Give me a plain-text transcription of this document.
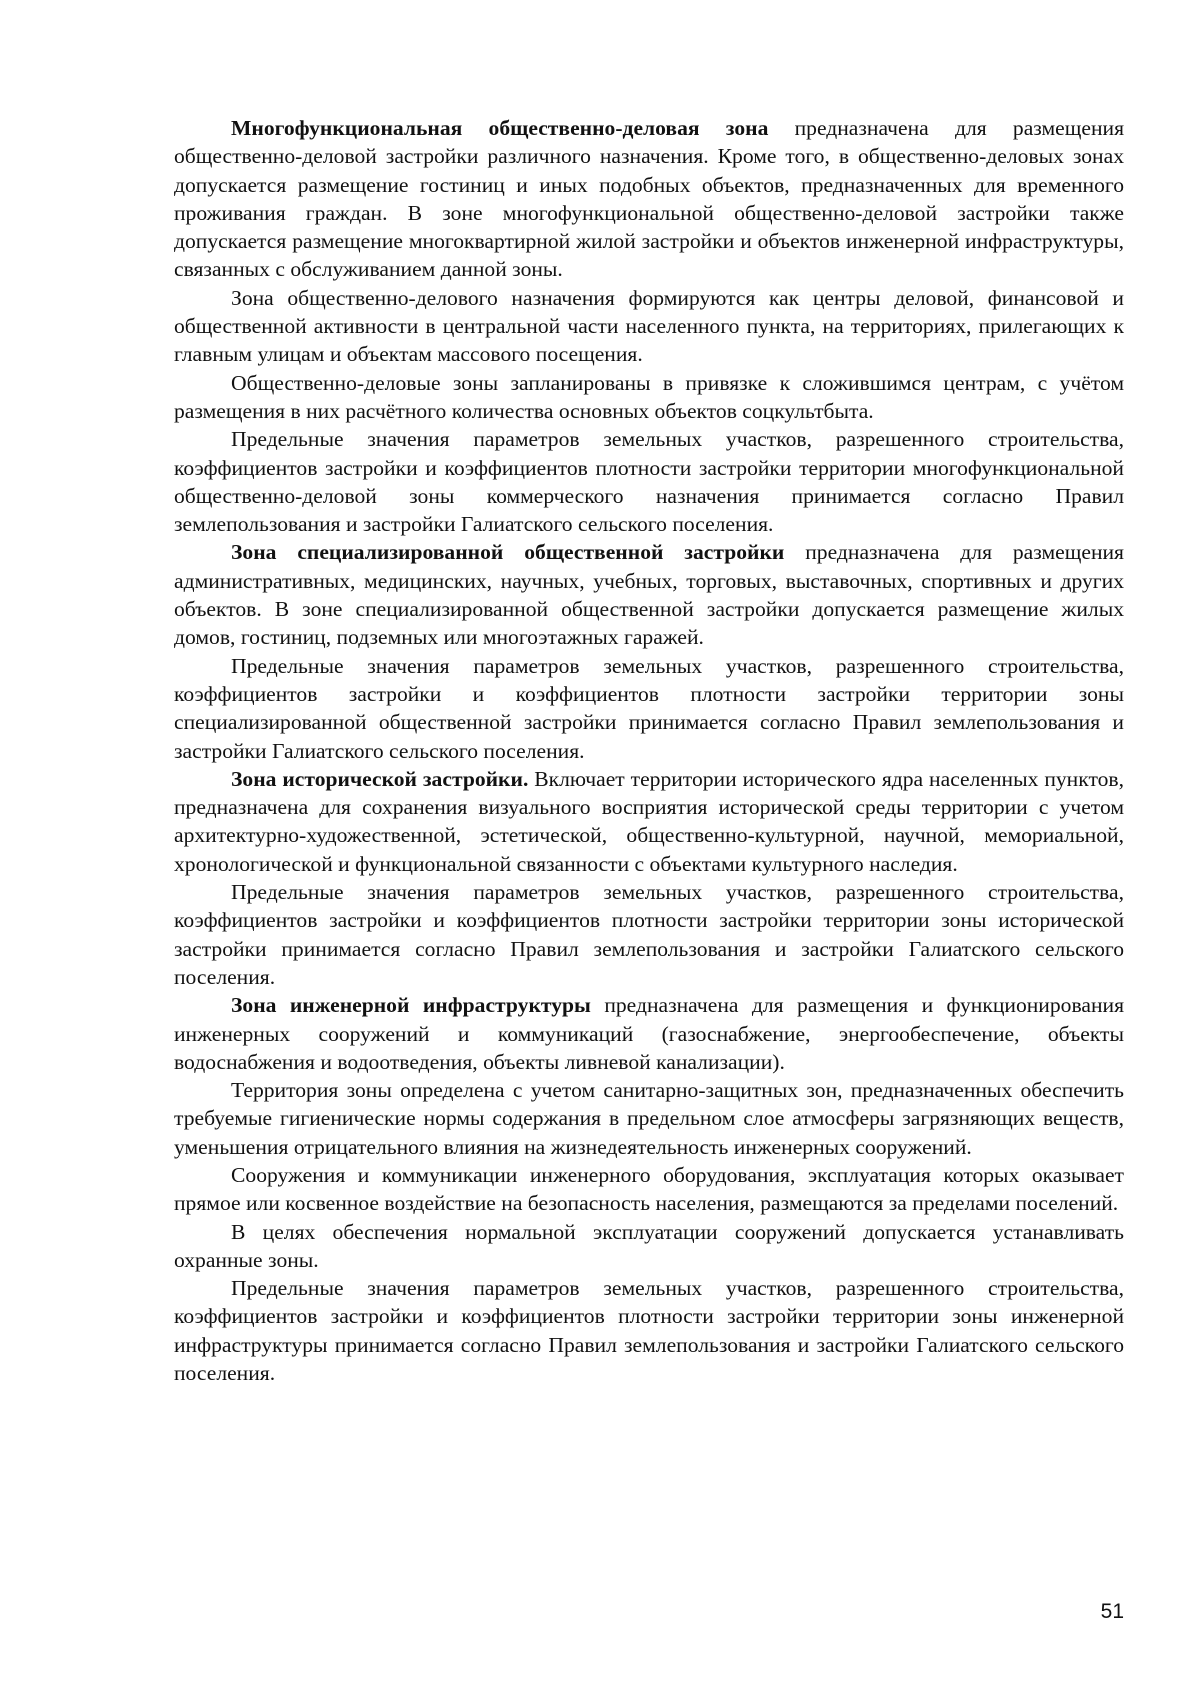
Многофункциональная общественно-деловая зона предназначена для размещения общественно-деловой застройки различного назначения. Кроме того, в общественно-деловых зонах допускается размещение гостиниц и иных подобных объектов, предназначенных для временного проживания граждан. В зоне многофункциональной общественно-деловой застройки также допускается размещение многоквартирной жилой застройки и объектов инженерной инфраструктуры, связанных с обслуживанием данной зоны.

Зона общественно-делового назначения формируются как центры деловой, финансовой и общественной активности в центральной части населенного пункта, на территориях, прилегающих к главным улицам и объектам массового посещения.

Общественно-деловые зоны запланированы в привязке к сложившимся центрам, с учётом размещения в них расчётного количества основных объектов соцкультбыта.

Предельные значения параметров земельных участков, разрешенного строительства, коэффициентов застройки и коэффициентов плотности застройки территории многофункциональной общественно-деловой зоны коммерческого назначения принимается согласно Правил землепользования и застройки Галиатского сельского поселения.

Зона специализированной общественной застройки предназначена для размещения административных, медицинских, научных, учебных, торговых, выставочных, спортивных и других объектов. В зоне специализированной общественной застройки допускается размещение жилых домов, гостиниц, подземных или многоэтажных гаражей.

Предельные значения параметров земельных участков, разрешенного строительства, коэффициентов застройки и коэффициентов плотности застройки территории зоны специализированной общественной застройки принимается согласно Правил землепользования и застройки Галиатского сельского поселения.

Зона исторической застройки. Включает территории исторического ядра населенных пунктов, предназначена для сохранения визуального восприятия исторической среды территории с учетом архитектурно-художественной, эстетической, общественно-культурной, научной, мемориальной, хронологической и функциональной связанности с объектами культурного наследия.

Предельные значения параметров земельных участков, разрешенного строительства, коэффициентов застройки и коэффициентов плотности застройки территории зоны исторической застройки принимается согласно Правил землепользования и застройки Галиатского сельского поселения.

Зона инженерной инфраструктуры предназначена для размещения и функционирования инженерных сооружений и коммуникаций (газоснабжение, энергообеспечение, объекты водоснабжения и водоотведения, объекты ливневой канализации).

Территория зоны определена с учетом санитарно-защитных зон, предназначенных обеспечить требуемые гигиенические нормы содержания в предельном слое атмосферы загрязняющих веществ, уменьшения отрицательного влияния на жизнедеятельность инженерных сооружений.

Сооружения и коммуникации инженерного оборудования, эксплуатация которых оказывает прямое или косвенное воздействие на безопасность населения, размещаются за пределами поселений.

В целях обеспечения нормальной эксплуатации сооружений допускается устанавливать охранные зоны.

Предельные значения параметров земельных участков, разрешенного строительства, коэффициентов застройки и коэффициентов плотности застройки территории зоны инженерной инфраструктуры принимается согласно Правил землепользования и застройки Галиатского сельского поселения.

51
